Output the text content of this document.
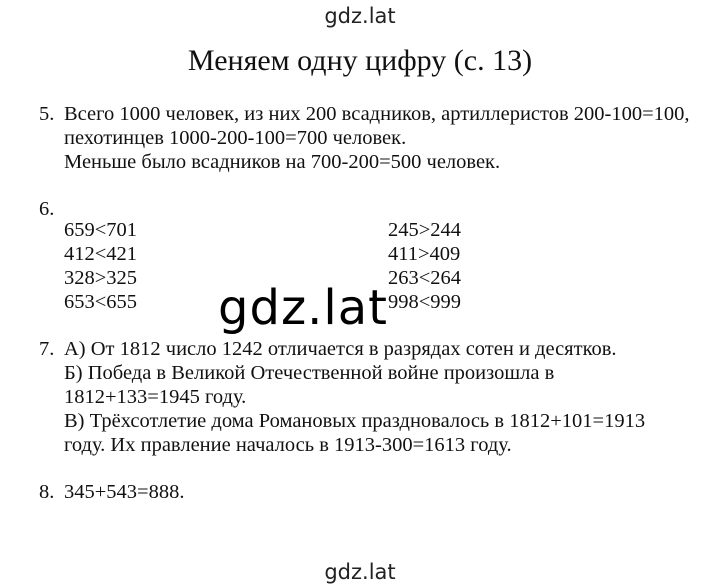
gdz.lat
Меняем одну цифру (с. 13)
5. Всего 1000 человек, из них 200 всадников, артиллеристов 200-100=100,
пехотинцев 1000-200-100=700 человек.
Меньше было всадников на 700-200=500 человек.
6.
659<701
412<421
328>325
653<655
245>244
411>409
263<264
998<999
7. А) От 1812 число 1242 отличается в разрядах сотен и десятков.
Б) Победа в Великой Отечественной войне произошла в
1812+133=1945 году.
В) Трёхсотлетие дома Романовых праздновалось в 1812+101=1913
году. Их правление началось в 1913-300=1613 году.
8. 345+543=888.
gdz.lat
gdz.lat
